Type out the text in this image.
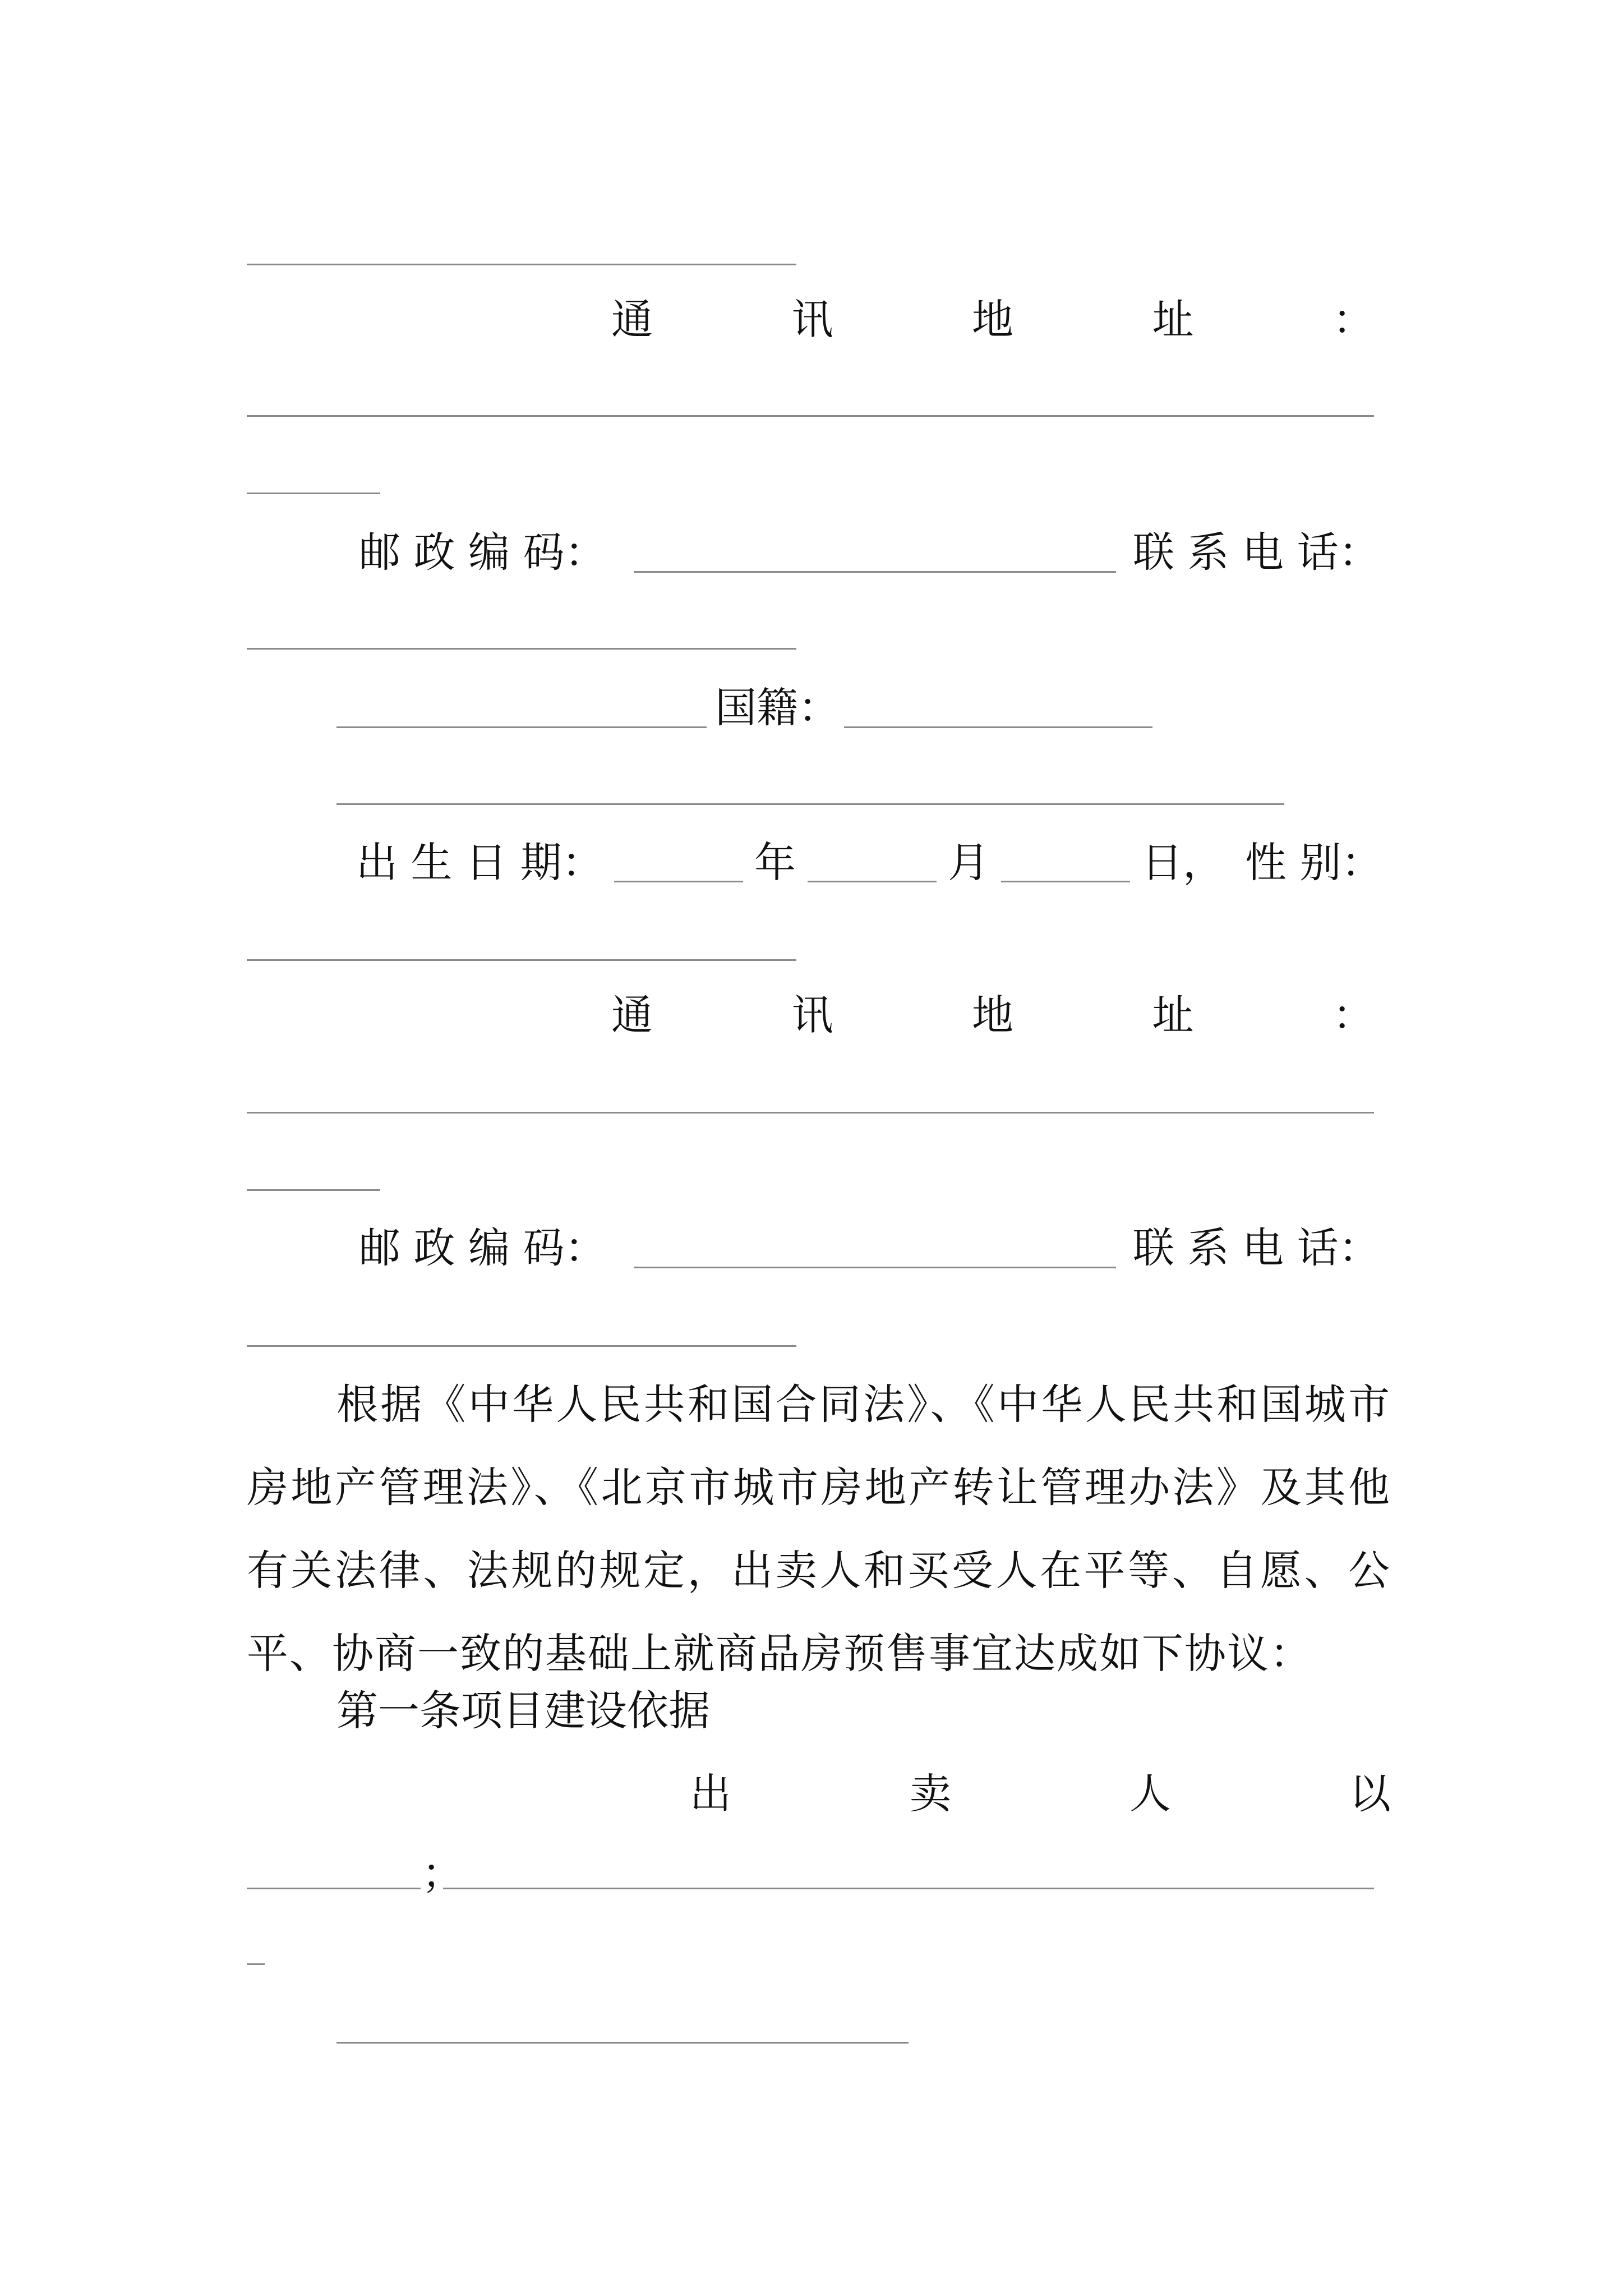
通	讯	地	址	：
邮 政 编 码：	联 系 电 话：
国籍：
出 生 日 期：	年	月	日， 性 别：
通	讯	地	址	：
邮 政 编 码：	联 系 电 话：
根据《中华人民共和国合同法》、《中华人民共和国城市房地产管理法》、《北京市城市房地产转让管理办法》及其他有关法律、法规的规定，出卖人和买受人在平等、自愿、公平、协商一致的基础上就商品房预售事宜达成如下协议：
第一条项目建设依据
出	卖	人	以
；
